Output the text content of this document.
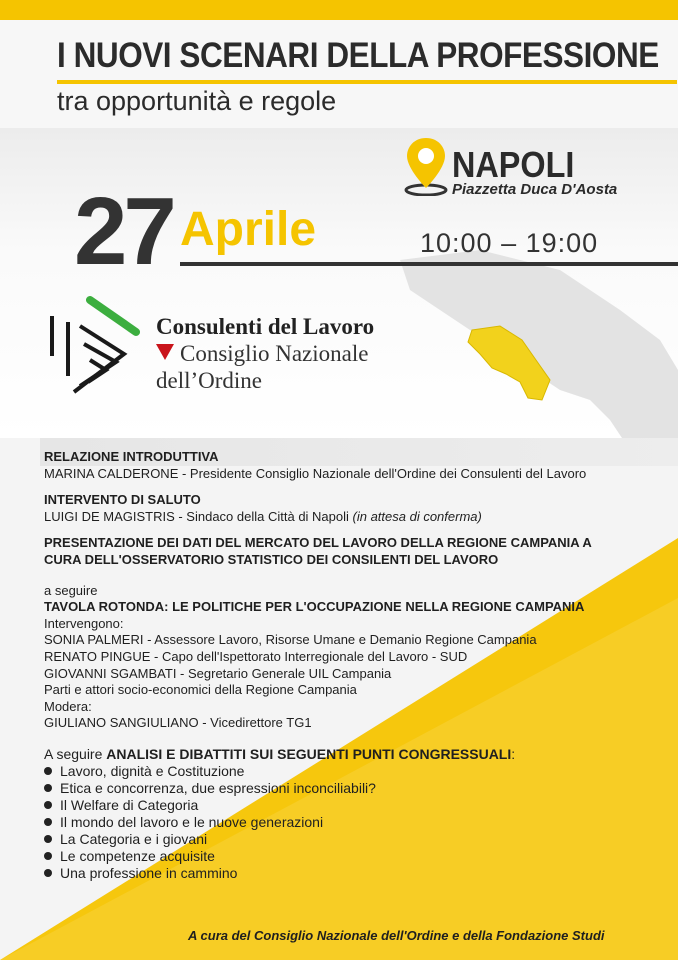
I NUOVI SCENARI DELLA PROFESSIONE
tra opportunità e regole
NAPOLI
Piazzetta Duca D'Aosta
27 Aprile	10:00 – 19:00
Consulenti del Lavoro
Consiglio Nazionale
dell’Ordine
RELAZIONE INTRODUTTIVA
MARINA CALDERONE - Presidente Consiglio Nazionale dell'Ordine dei Consulenti del Lavoro
INTERVENTO DI SALUTO
LUIGI DE MAGISTRIS - Sindaco della Città di Napoli (in attesa di conferma)
PRESENTAZIONE DEI DATI DEL MERCATO DEL LAVORO DELLA REGIONE CAMPANIA A
CURA DELL'OSSERVATORIO STATISTICO DEI CONSILENTI DEL LAVORO
a seguire
TAVOLA ROTONDA: LE POLITICHE PER L'OCCUPAZIONE NELLA REGIONE CAMPANIA
Intervengono:
SONIA PALMERI - Assessore Lavoro, Risorse Umane e Demanio Regione Campania
RENATO PINGUE - Capo dell'Ispettorato Interregionale del Lavoro - SUD
GIOVANNI SGAMBATI - Segretario Generale UIL Campania
Parti e attori socio-economici della Regione Campania
Modera:
GIULIANO SANGIULIANO - Vicedirettore TG1
A seguire ANALISI E DIBATTITI SUI SEGUENTI PUNTI CONGRESSUALI:
Lavoro, dignità e Costituzione
Etica e concorrenza, due espressioni inconciliabili?
Il Welfare di Categoria
Il mondo del lavoro e le nuove generazioni
La Categoria e i giovani
Le competenze acquisite
Una professione in cammino
A cura del Consiglio Nazionale dell'Ordine e della Fondazione Studi
